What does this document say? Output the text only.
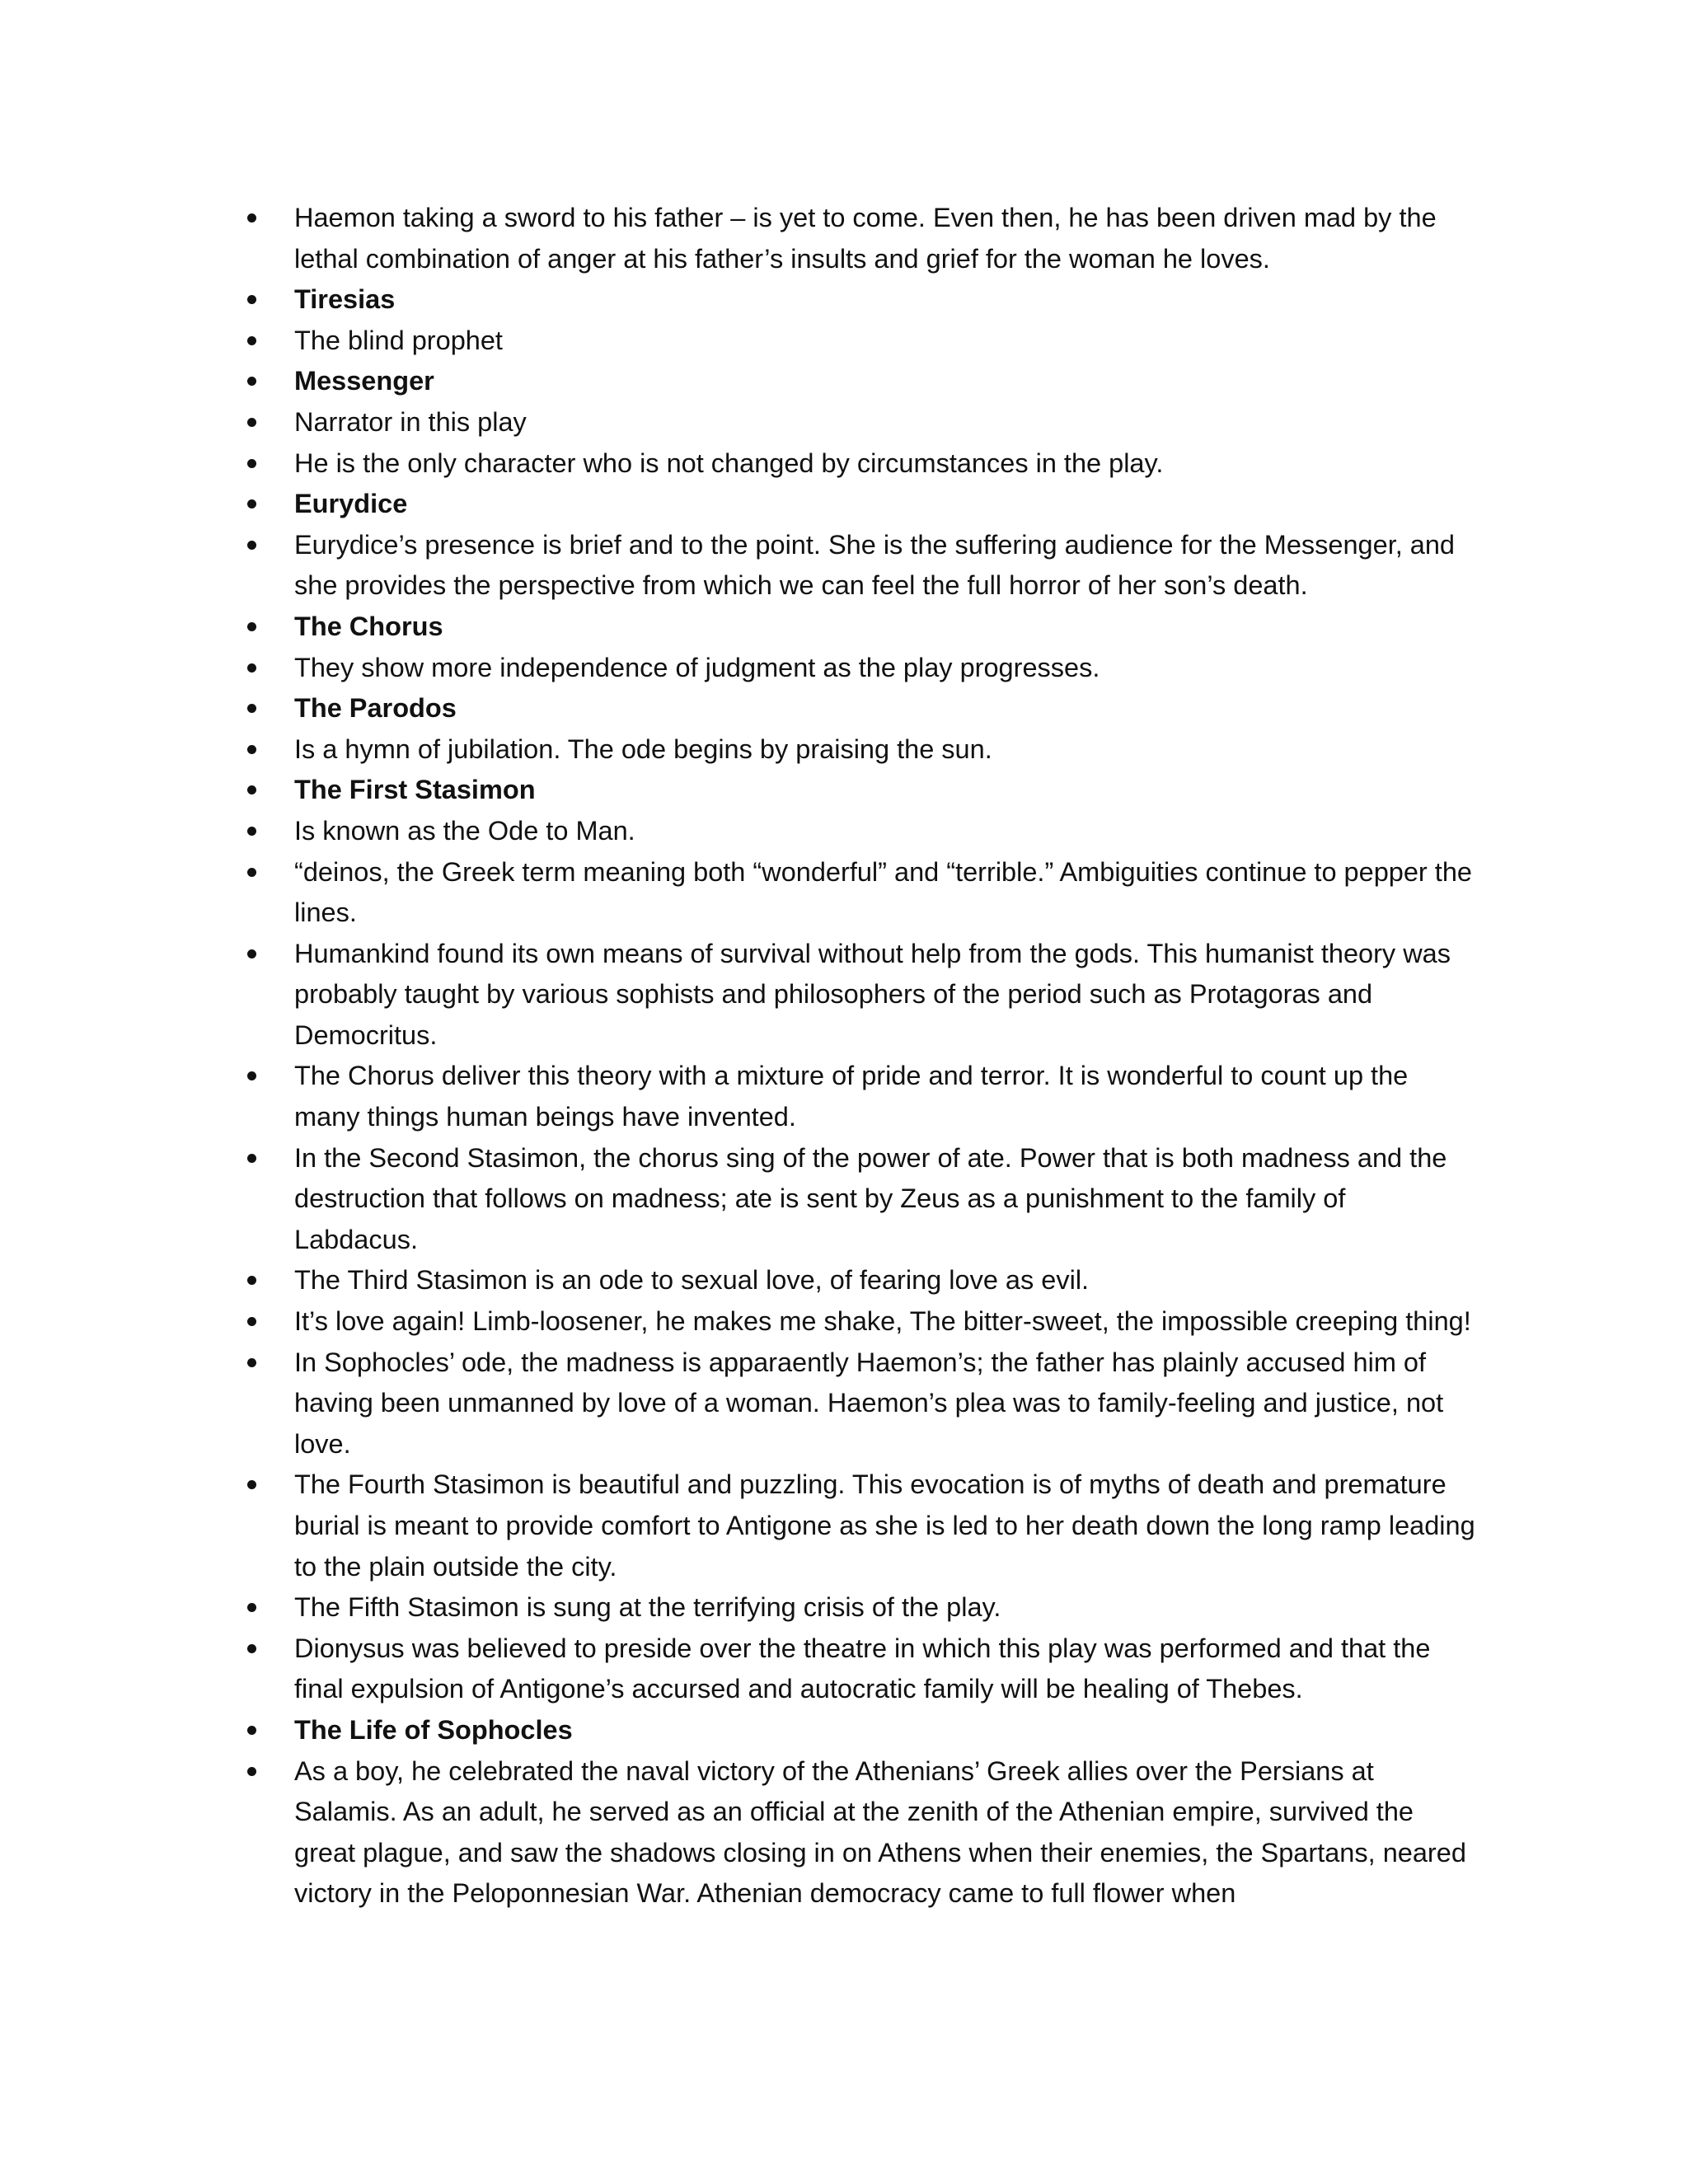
Haemon taking a sword to his father – is yet to come. Even then, he has been driven mad by the lethal combination of anger at his father’s insults and grief for the woman he loves.
Tiresias
The blind prophet
Messenger
Narrator in this play
He is the only character who is not changed by circumstances in the play.
Eurydice
Eurydice’s presence is brief and to the point. She is the suffering audience for the Messenger, and she provides the perspective from which we can feel the full horror of her son’s death.
The Chorus
They show more independence of judgment as the play progresses.
The Parodos
Is a hymn of jubilation. The ode begins by praising the sun.
The First Stasimon
Is known as the Ode to Man.
“deinos, the Greek term meaning both “wonderful” and “terrible.” Ambiguities continue to pepper the lines.
Humankind found its own means of survival without help from the gods. This humanist theory was probably taught by various sophists and philosophers of the period such as Protagoras and Democritus.
The Chorus deliver this theory with a mixture of pride and terror. It is wonderful to count up the many things human beings have invented.
In the Second Stasimon, the chorus sing of the power of ate. Power that is both madness and the destruction that follows on madness; ate is sent by Zeus as a punishment to the family of Labdacus.
The Third Stasimon is an ode to sexual love, of fearing love as evil.
It’s love again! Limb-loosener, he makes me shake, The bitter-sweet, the impossible creeping thing!
In Sophocles’ ode, the madness is apparaently Haemon’s; the father has plainly accused him of having been unmanned by love of a woman. Haemon’s plea was to family-feeling and justice, not love.
The Fourth Stasimon is beautiful and puzzling. This evocation is of myths of death and premature burial is meant to provide comfort to Antigone as she is led to her death down the long ramp leading to the plain outside the city.
The Fifth Stasimon is sung at the terrifying crisis of the play.
Dionysus was believed to preside over the theatre in which this play was performed and that the final expulsion of Antigone’s accursed and autocratic family will be healing of Thebes.
The Life of Sophocles
As a boy, he celebrated the naval victory of the Athenians’ Greek allies over the Persians at Salamis. As an adult, he served as an official at the zenith of the Athenian empire, survived the great plague, and saw the shadows closing in on Athens when their enemies, the Spartans, neared victory in the Peloponnesian War. Athenian democracy came to full flower when
